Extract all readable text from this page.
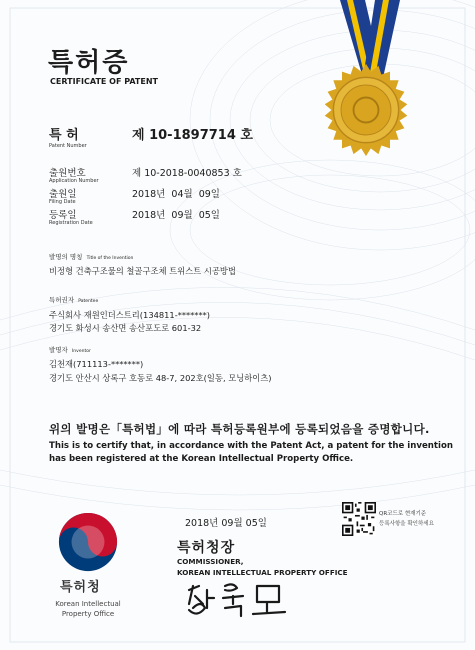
특허증
CERTIFICATE OF PATENT
특 허
Patent Number
제 10-1897714 호
출원번호
Application Number
제 10-2018-0040853 호
출원일
Filing Date
2018년  04월  09일
등록일
Registration Date
2018년  09월  05일
발명의 명칭 Title of the Invention
비정형 건축구조물의 철골구조체 트위스트 시공방법
특허권자 Patentee
주식회사 재원인더스트리(134811-*******)
경기도 화성시 송산면 송산포도로 601-32
발명자 Inventor
김천재(711113-*******)
경기도 안산시 상록구 호동로 48-7, 202호(일동, 모닝하이츠)
위의 발명은「특허법」에 따라 특허등록원부에 등록되었음을 증명합니다.
This is to certify that, in accordance with the Patent Act, a patent for the invention
has been registered at the Korean Intellectual Property Office.
2018년 09월 05일
QR코드로 현재기준
등록사항을 확인하세요
특허청장
COMMISSIONER,
KOREAN INTELLECTUAL PROPERTY OFFICE
특허청
Korean Intellectual
Property Office
